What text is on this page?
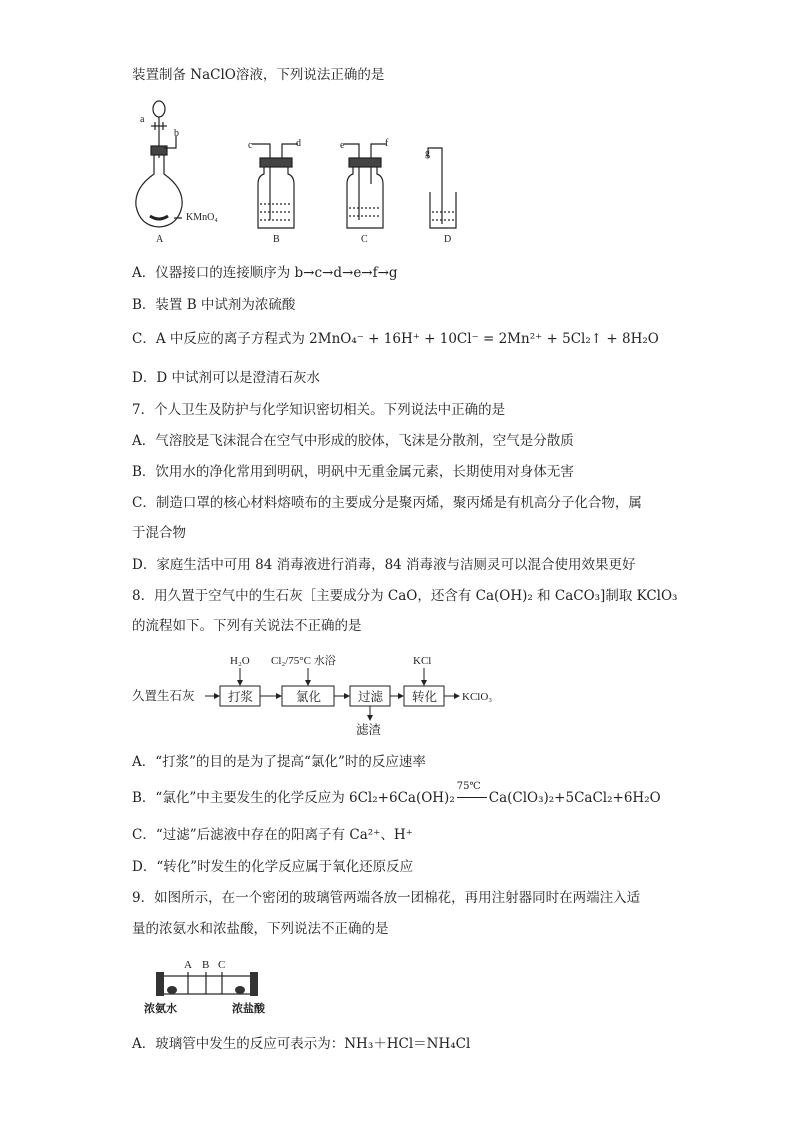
装置制备 NaClO溶液，下列说法正确的是
a
b
c	d	e	f
g
KMnO₄
A	B	C	D
A．仪器接口的连接顺序为 b→c→d→e→f→g
B．装置 B 中试剂为浓硫酸
C．A 中反应的离子方程式为 2MnO₄⁻ + 16H⁺ + 10Cl⁻ = 2Mn²⁺ + 5Cl₂↑ + 8H₂O
D．D 中试剂可以是澄清石灰水
7．个人卫生及防护与化学知识密切相关。下列说法中正确的是
A．气溶胶是飞沫混合在空气中形成的胶体，飞沫是分散剂，空气是分散质
B．饮用水的净化常用到明矾，明矾中无重金属元素，长期使用对身体无害
C．制造口罩的核心材料熔喷布的主要成分是聚丙烯，聚丙烯是有机高分子化合物，属
于混合物
D．家庭生活中可用 84 消毒液进行消毒，84 消毒液与洁厕灵可以混合使用效果更好
8．用久置于空气中的生石灰［主要成分为 CaO，还含有 Ca(OH)₂ 和 CaCO₃]制取 KClO₃
的流程如下。下列有关说法不正确的是
久置生石灰	打浆	氯化	过滤 转化 KClO₃
H₂O Cl₂/75°C 水浴	KCl
滤渣
A．“打浆”的目的是为了提高“氯化”时的反应速率
B．“氯化”中主要发生的化学反应为 6Cl₂+6Ca(OH)₂
75℃
Ca(ClO₃)₂+5CaCl₂+6H₂O
C．“过滤”后滤液中存在的阳离子有 Ca²⁺、H⁺
D．“转化”时发生的化学反应属于氧化还原反应
9．如图所示，在一个密闭的玻璃管两端各放一团棉花，再用注射器同时在两端注入适
量的浓氨水和浓盐酸，下列说法不正确的是
A B C
浓氨水	浓盐酸
A．玻璃管中发生的反应可表示为：NH₃＋HCl＝NH₄Cl
